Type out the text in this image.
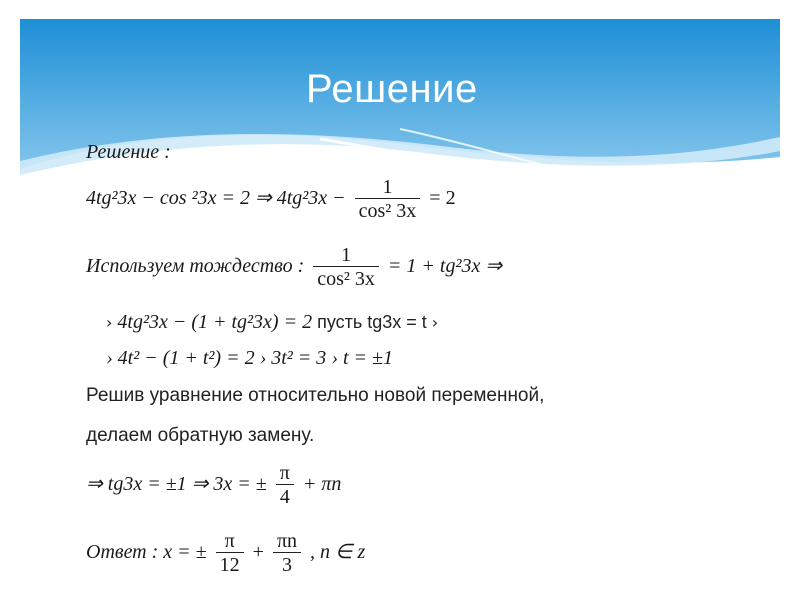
Решение
Решение :
4tg²3x − cos ²3x = 2 ⇒ $4tg^23x - \frac{1}{\text{cos² 3x}} = 2$
Используем тождество : $\frac{1}{\text{cos² 3x}} = 1 + tg^23x$ ⇒
› 4tg²3x − (1 + tg²3x) = 2 пусть tg3x = t ›
› 4t² − (1 + t²) = 2 › 3t² = 3 › t = ±1
Решив уравнение относительно новой переменной,
делаем обратную замену.
⇒ tg3x = ±1 ⇒ 3x = ± $\frac{\pi}{4} + \pi n$
Ответ : x = ± $\frac{\pi}{12} + \frac{\pi n}{3}$ , n ∈ z
